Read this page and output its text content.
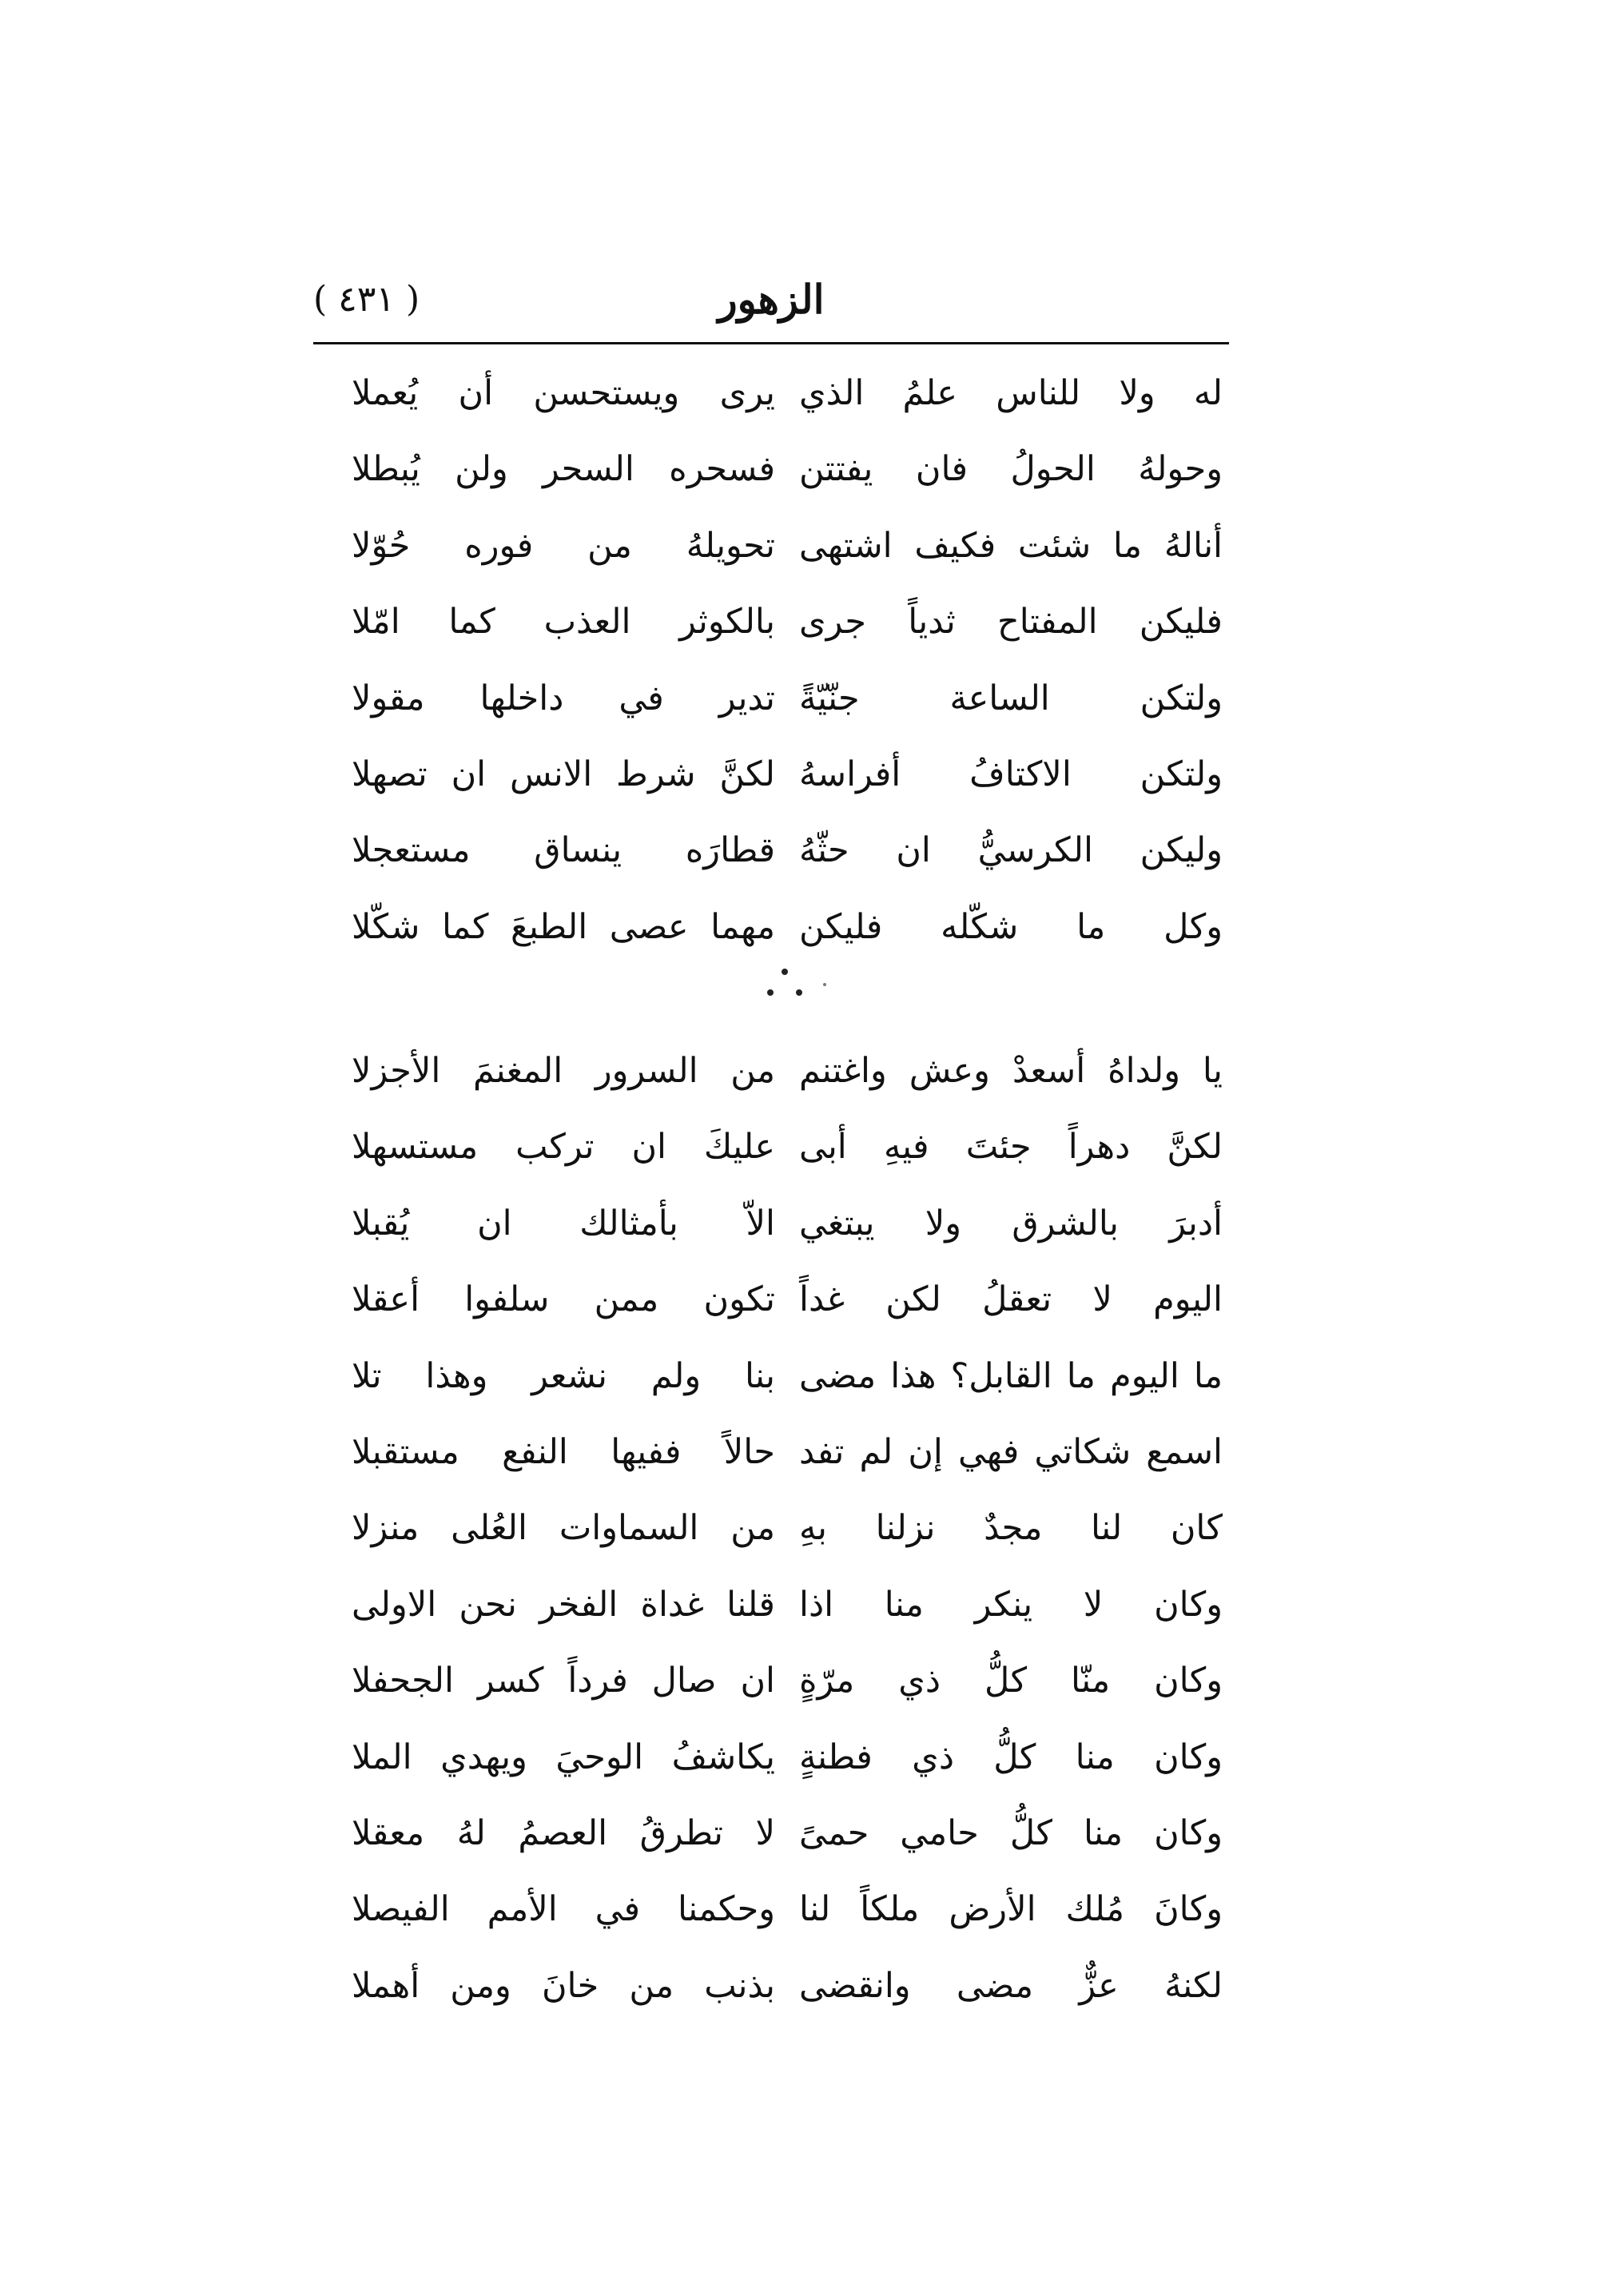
( ٤٣١ )	الزهور
له ولا للناس علمُ الذي
يرى ويستحسن أن يُعملا
وحولهُ الحولُ فان يفتتن
فسحره السحر ولن يُبطلا
أنالهُ ما شئت فكيف اشتهى
تحويلهُ من فوره حُوّلا
فليكن المفتاح ثدياً جرى
بالكوثر العذب كما امّلا
ولتكن الساعة جنّيّةً
تدير في داخلها مقولا
ولتكن الاكتافُ أفراسهُ
لكنَّ شرط الانس ان تصهلا
وليكن الكرسيُّ ان حثّهُ
قطارَه ينساق مستعجلا
وكل ما شكّله فليكن
مهما عصى الطبعَ كما شكّلا
يا ولداهُ أسعدْ وعش واغتنم
من السرور المغنمَ الأجزلا
لكنَّ دهراً جئتَ فيهِ أبى
عليكَ ان تركب مستسهلا
أدبرَ بالشرق ولا يبتغي
الاّ بأمثالك ان يُقبلا
اليوم لا تعقلُ لكن غداً
تكون ممن سلفوا أعقلا
ما اليوم ما القابل؟ هذا مضى
بنا ولم نشعر وهذا تلا
اسمع شكاتي فهي إن لم تفد
حالاً ففيها النفع مستقبلا
كان لنا مجدٌ نزلنا بهِ
من السماوات العُلى منزلا
وكان لا ينكر منا اذا
قلنا غداة الفخر نحن الاولى
وكان منّا كلُّ ذي مرّةٍ
ان صال فرداً كسر الجحفلا
وكان منا كلُّ ذي فطنةٍ
يكاشفُ الوحيَ ويهدي الملا
وكان منا كلُّ حامي حمىً
لا تطرقُ العصمُ لهُ معقلا
وكانَ مُلك الأرض ملكاً لنا
وحكمنا في الأمم الفيصلا
لكنهُ عزٌّ مضى وانقضى
بذنب من خانَ ومن أهملا
